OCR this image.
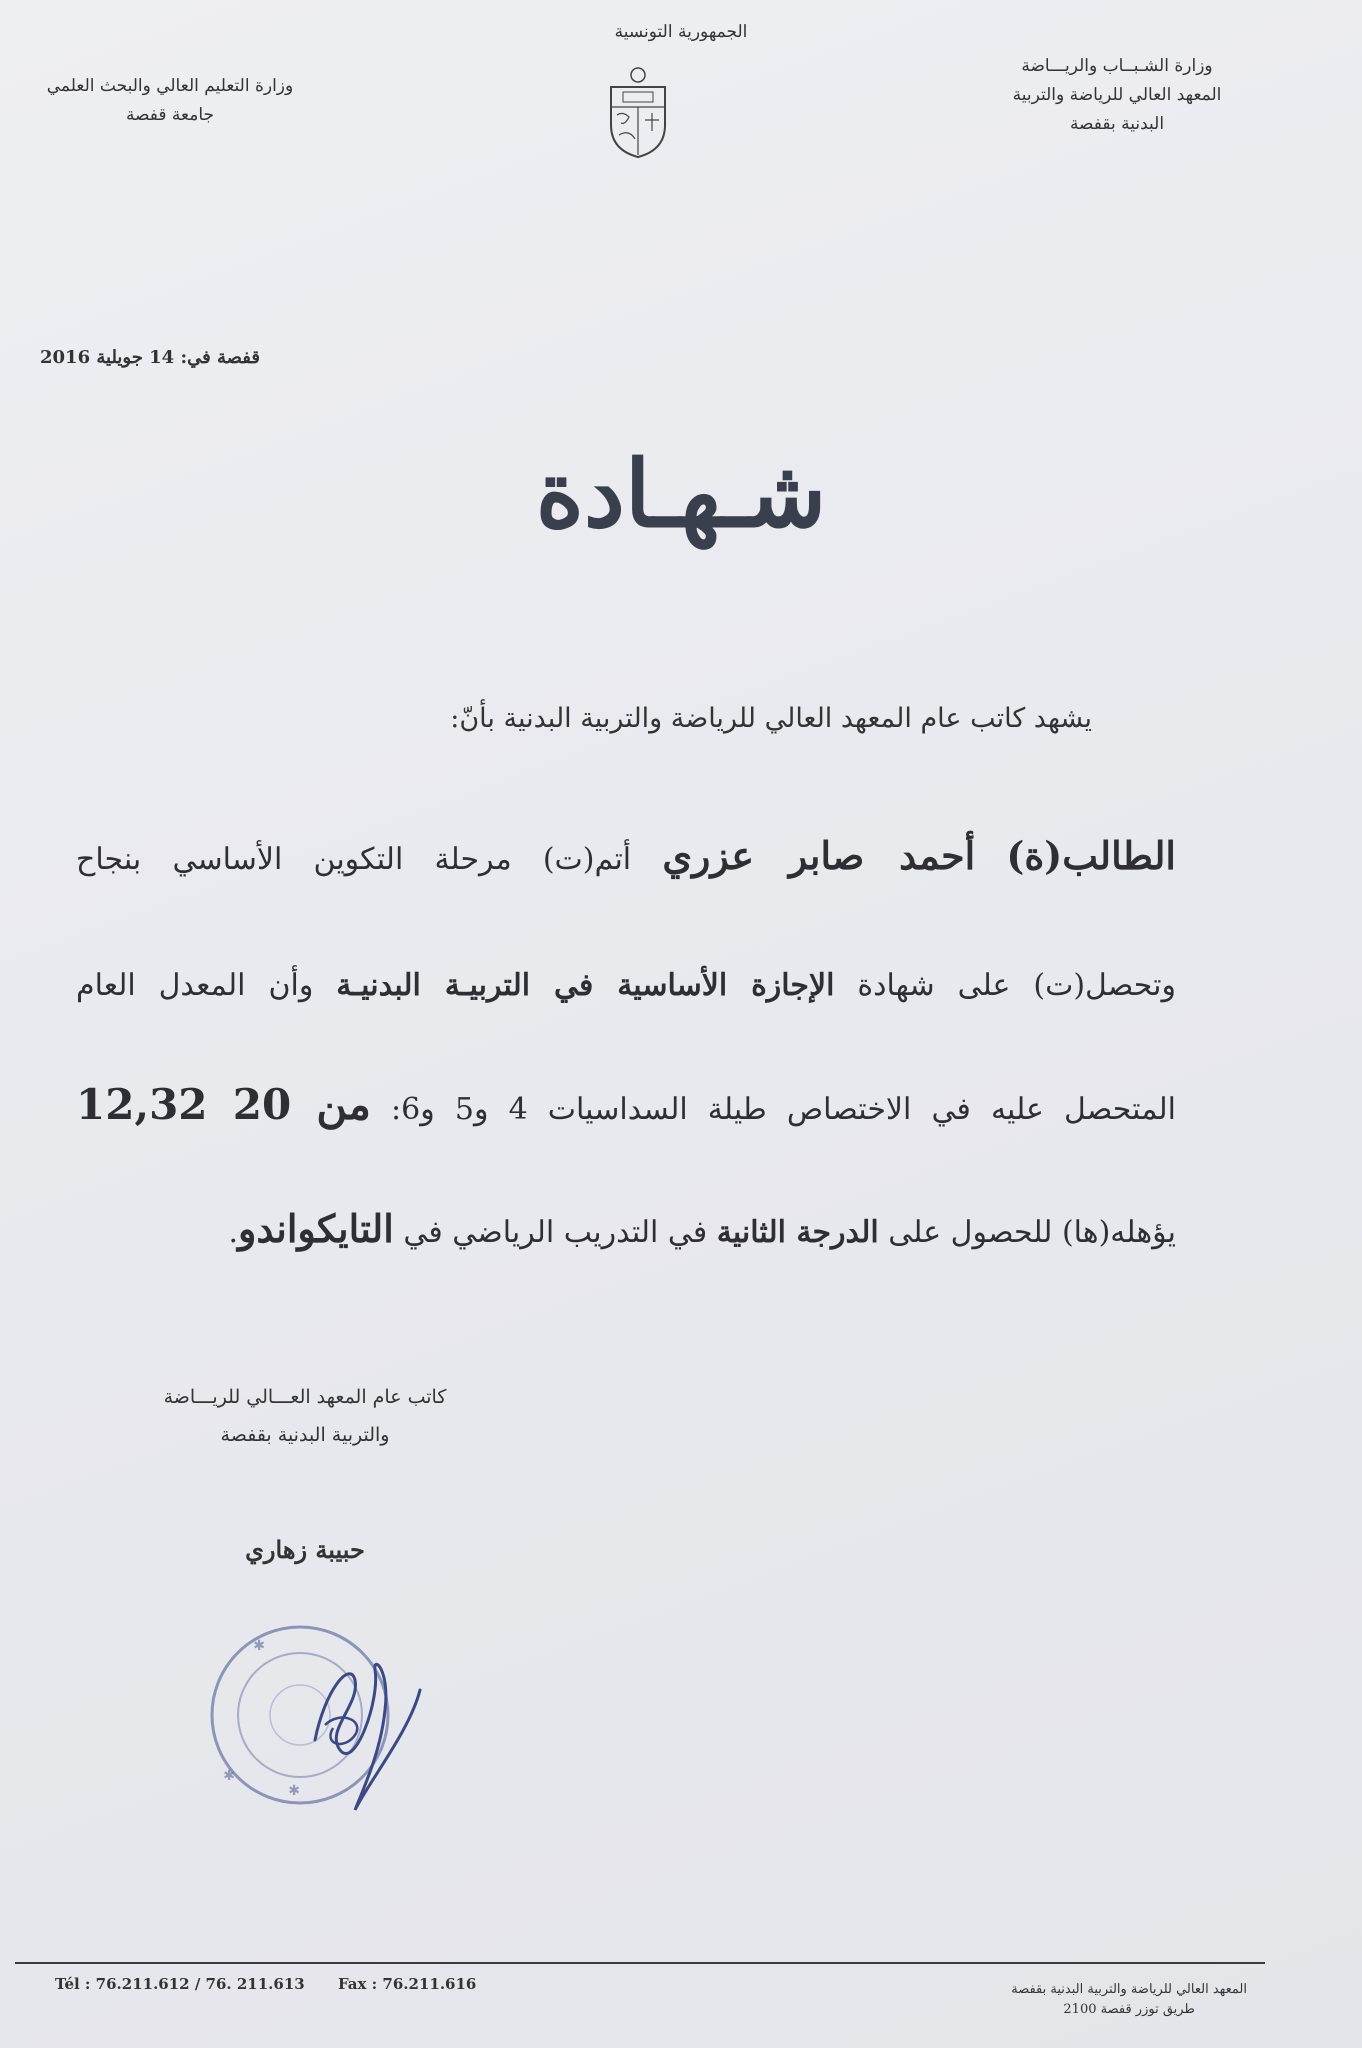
وزارة الشـبــاب والريـــاضة
المعهد العالي للرياضة والتربية
البدنية بقفصة
الجمهورية التونسية
وزارة التعليم العالي والبحث العلمي
جامعة قفصة
قفصة في: 14 جويلية 2016
شـهـادة
يشهد كاتب عام المعهد العالي للرياضة والتربية البدنية بأنّ:
الطالب(ة) أحمد صابر عزري أتم(ت) مرحلة التكوين الأساسي بنجاح
وتحصل(ت) على شهادة الإجازة الأساسية في التربيـة البدنيـة وأن المعدل العام
المتحصل عليه في الاختصاص طيلة السداسيات 4 و5 و6: 12,32 من 20
يؤهله(ها) للحصول على الدرجة الثانية في التدريب الرياضي في التايكواندو.
كاتب عام المعهد العـــالي للريـــاضة
والتربية البدنية بقفصة
حبيبة زهاري
✱
✱
✱
Tél : 76.211.612 / 76. 211.613 Fax : 76.211.616	المعهد العالي للرياضة والتربية البدنية بقفصة
طريق توزر قفصة 2100
